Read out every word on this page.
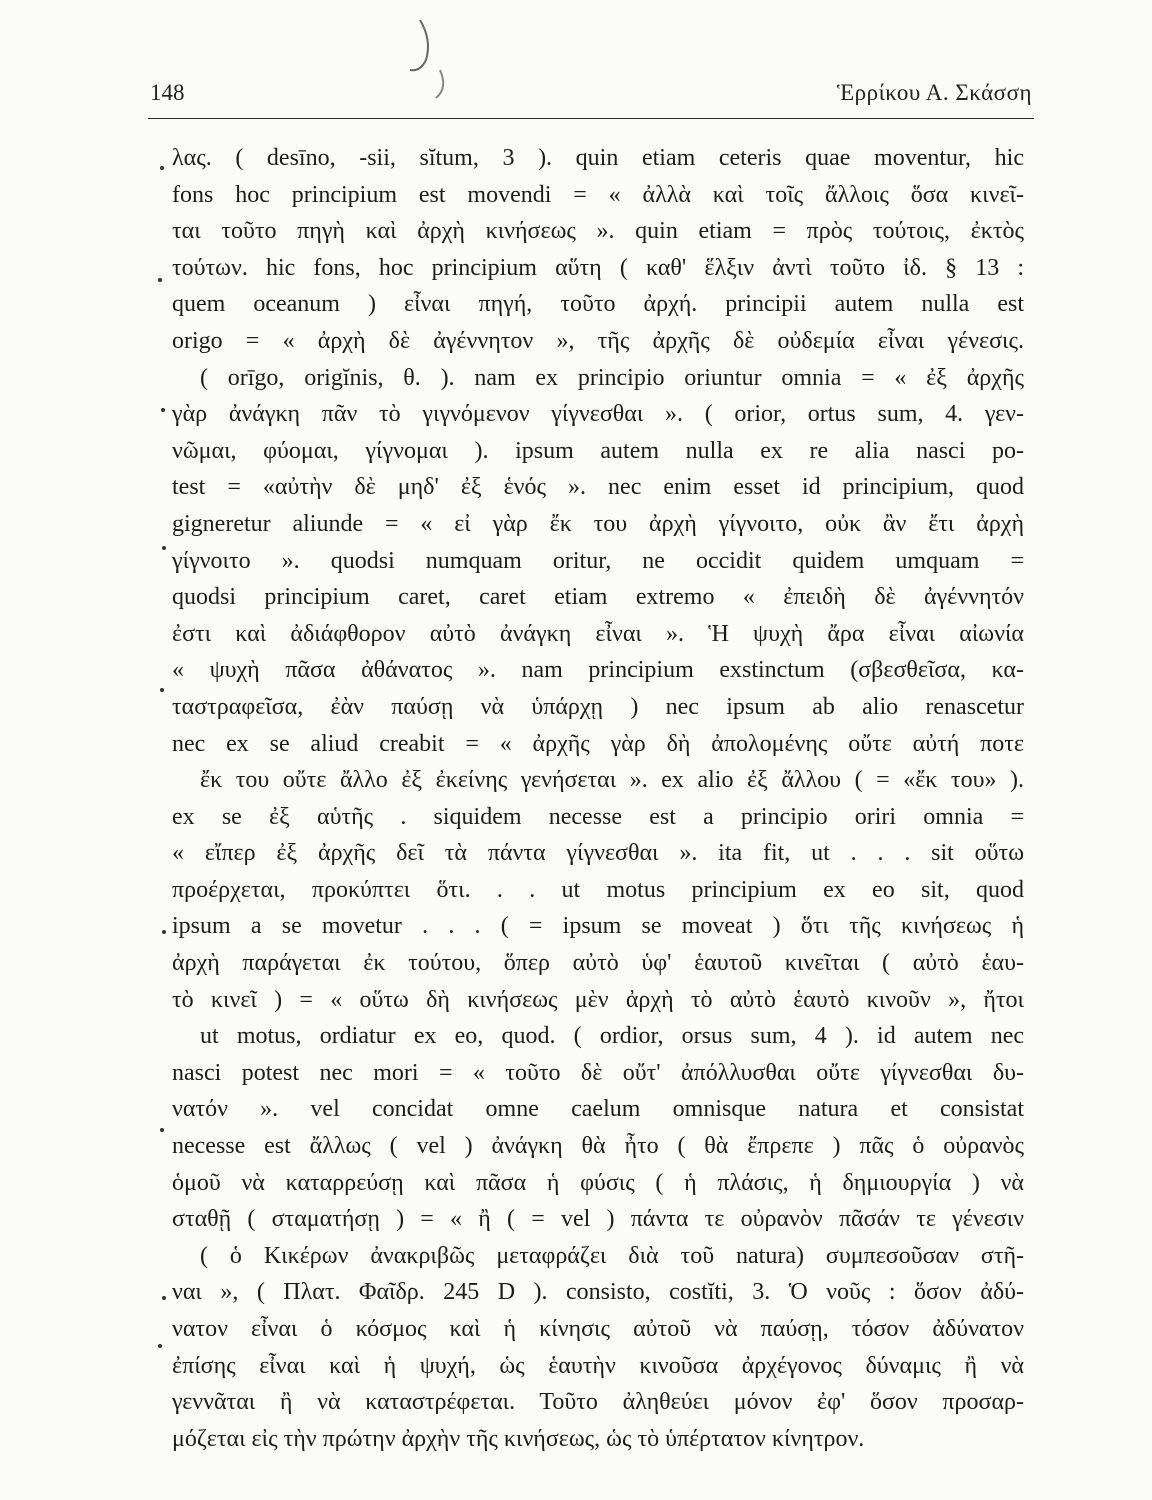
148	Ἑρρίκου Α. Σκάσση
λας. ( desīno, -sii, sĭtum, 3 ). quin etiam ceteris quae moventur, hic
fons hoc principium est movendi = « ἀλλὰ καὶ τοῖς ἄλλοις ὅσα κινεῖ-
ται τοῦτο πηγὴ καὶ ἀρχὴ κινήσεως ». quin etiam = πρὸς τούτοις, ἐκτὸς
τούτων. hic fons, hoc principium αὕτη ( καθ' ἕλξιν ἀντὶ τοῦτο ἰδ. § 13 :
quem oceanum ) εἶναι πηγή, τοῦτο ἀρχή. principii autem nulla est
origo = « ἀρχὴ δὲ ἀγέννητον », τῆς ἀρχῆς δὲ οὐδεμία εἶναι γένεσις.
( orīgo, origĭnis, θ. ). nam ex principio oriuntur omnia = « ἐξ ἀρχῆς
γὰρ ἀνάγκη πᾶν τὸ γιγνόμενον γίγνεσθαι ». ( orior, ortus sum, 4. γεν-
νῶμαι, φύομαι, γίγνομαι ). ipsum autem nulla ex re alia nasci po-
test = «αὐτὴν δὲ μηδ' ἐξ ἑνός ». nec enim esset id principium, quod
gigneretur aliunde = « εἰ γὰρ ἔκ του ἀρχὴ γίγνοιτο, οὐκ ἂν ἔτι ἀρχὴ
γίγνοιτο ». quodsi numquam oritur, ne occidit quidem umquam =
quodsi principium caret, caret etiam extremo « ἐπειδὴ δὲ ἀγέννητόν
ἐστι καὶ ἀδιάφθορον αὐτὸ ἀνάγκη εἶναι ». Ἡ ψυχὴ ἄρα εἶναι αἰωνία
« ψυχὴ πᾶσα ἀθάνατος ». nam principium exstinctum (σβεσθεῖσα, κα-
ταστραφεῖσα, ἐὰν παύσῃ νὰ ὑπάρχῃ ) nec ipsum ab alio renascetur
nec ex se aliud creabit = « ἀρχῆς γὰρ δὴ ἀπολομένης οὔτε αὐτή ποτε
ἔκ του οὔτε ἄλλο ἐξ ἐκείνης γενήσεται ». ex alio ἐξ ἄλλου ( = «ἔκ του» ).
ex se ἐξ αὑτῆς . siquidem necesse est a principio oriri omnia =
« εἴπερ ἐξ ἀρχῆς δεῖ τὰ πάντα γίγνεσθαι ». ita fit, ut . . . sit οὕτω
προέρχεται, προκύπτει ὅτι. . . ut motus principium ex eo sit, quod
ipsum a se movetur . . . ( = ipsum se moveat ) ὅτι τῆς κινήσεως ἡ
ἀρχὴ παράγεται ἐκ τούτου, ὅπερ αὐτὸ ὑφ' ἑαυτοῦ κινεῖται ( αὐτὸ ἑαυ-
τὸ κινεῖ ) = « οὕτω δὴ κινήσεως μὲν ἀρχὴ τὸ αὐτὸ ἑαυτὸ κινοῦν », ἤτοι
ut motus, ordiatur ex eo, quod. ( ordior, orsus sum, 4 ). id autem nec
nasci potest nec mori = « τοῦτο δὲ οὔτ' ἀπόλλυσθαι οὔτε γίγνεσθαι δυ-
νατόν ». vel concidat omne caelum omnisque natura et consistat
necesse est ἄλλως ( vel ) ἀνάγκη θὰ ἦτο ( θὰ ἔπρεπε ) πᾶς ὁ οὐρανὸς
ὁμοῦ νὰ καταρρεύσῃ καὶ πᾶσα ἡ φύσις ( ἡ πλάσις, ἡ δημιουργία ) νὰ
σταθῇ ( σταματήσῃ ) = « ἢ ( = vel ) πάντα τε οὐρανὸν πᾶσάν τε γένεσιν
( ὁ Κικέρων ἀνακριβῶς μεταφράζει διὰ τοῦ natura) συμπεσοῦσαν στῆ-
ναι », ( Πλατ. Φαῖδρ. 245 D ). consisto, costĭti, 3. Ὁ νοῦς : ὅσον ἀδύ-
νατον εἶναι ὁ κόσμος καὶ ἡ κίνησις αὐτοῦ νὰ παύσῃ, τόσον ἀδύνατον
ἐπίσης εἶναι καὶ ἡ ψυχή, ὡς ἑαυτὴν κινοῦσα ἀρχέγονος δύναμις ἢ νὰ
γεννᾶται ἢ νὰ καταστρέφεται. Τοῦτο ἀληθεύει μόνον ἐφ' ὅσον προσαρ-
μόζεται εἰς τὴν πρώτην ἀρχὴν τῆς κινήσεως, ὡς τὸ ὑπέρτατον κίνητρον.
